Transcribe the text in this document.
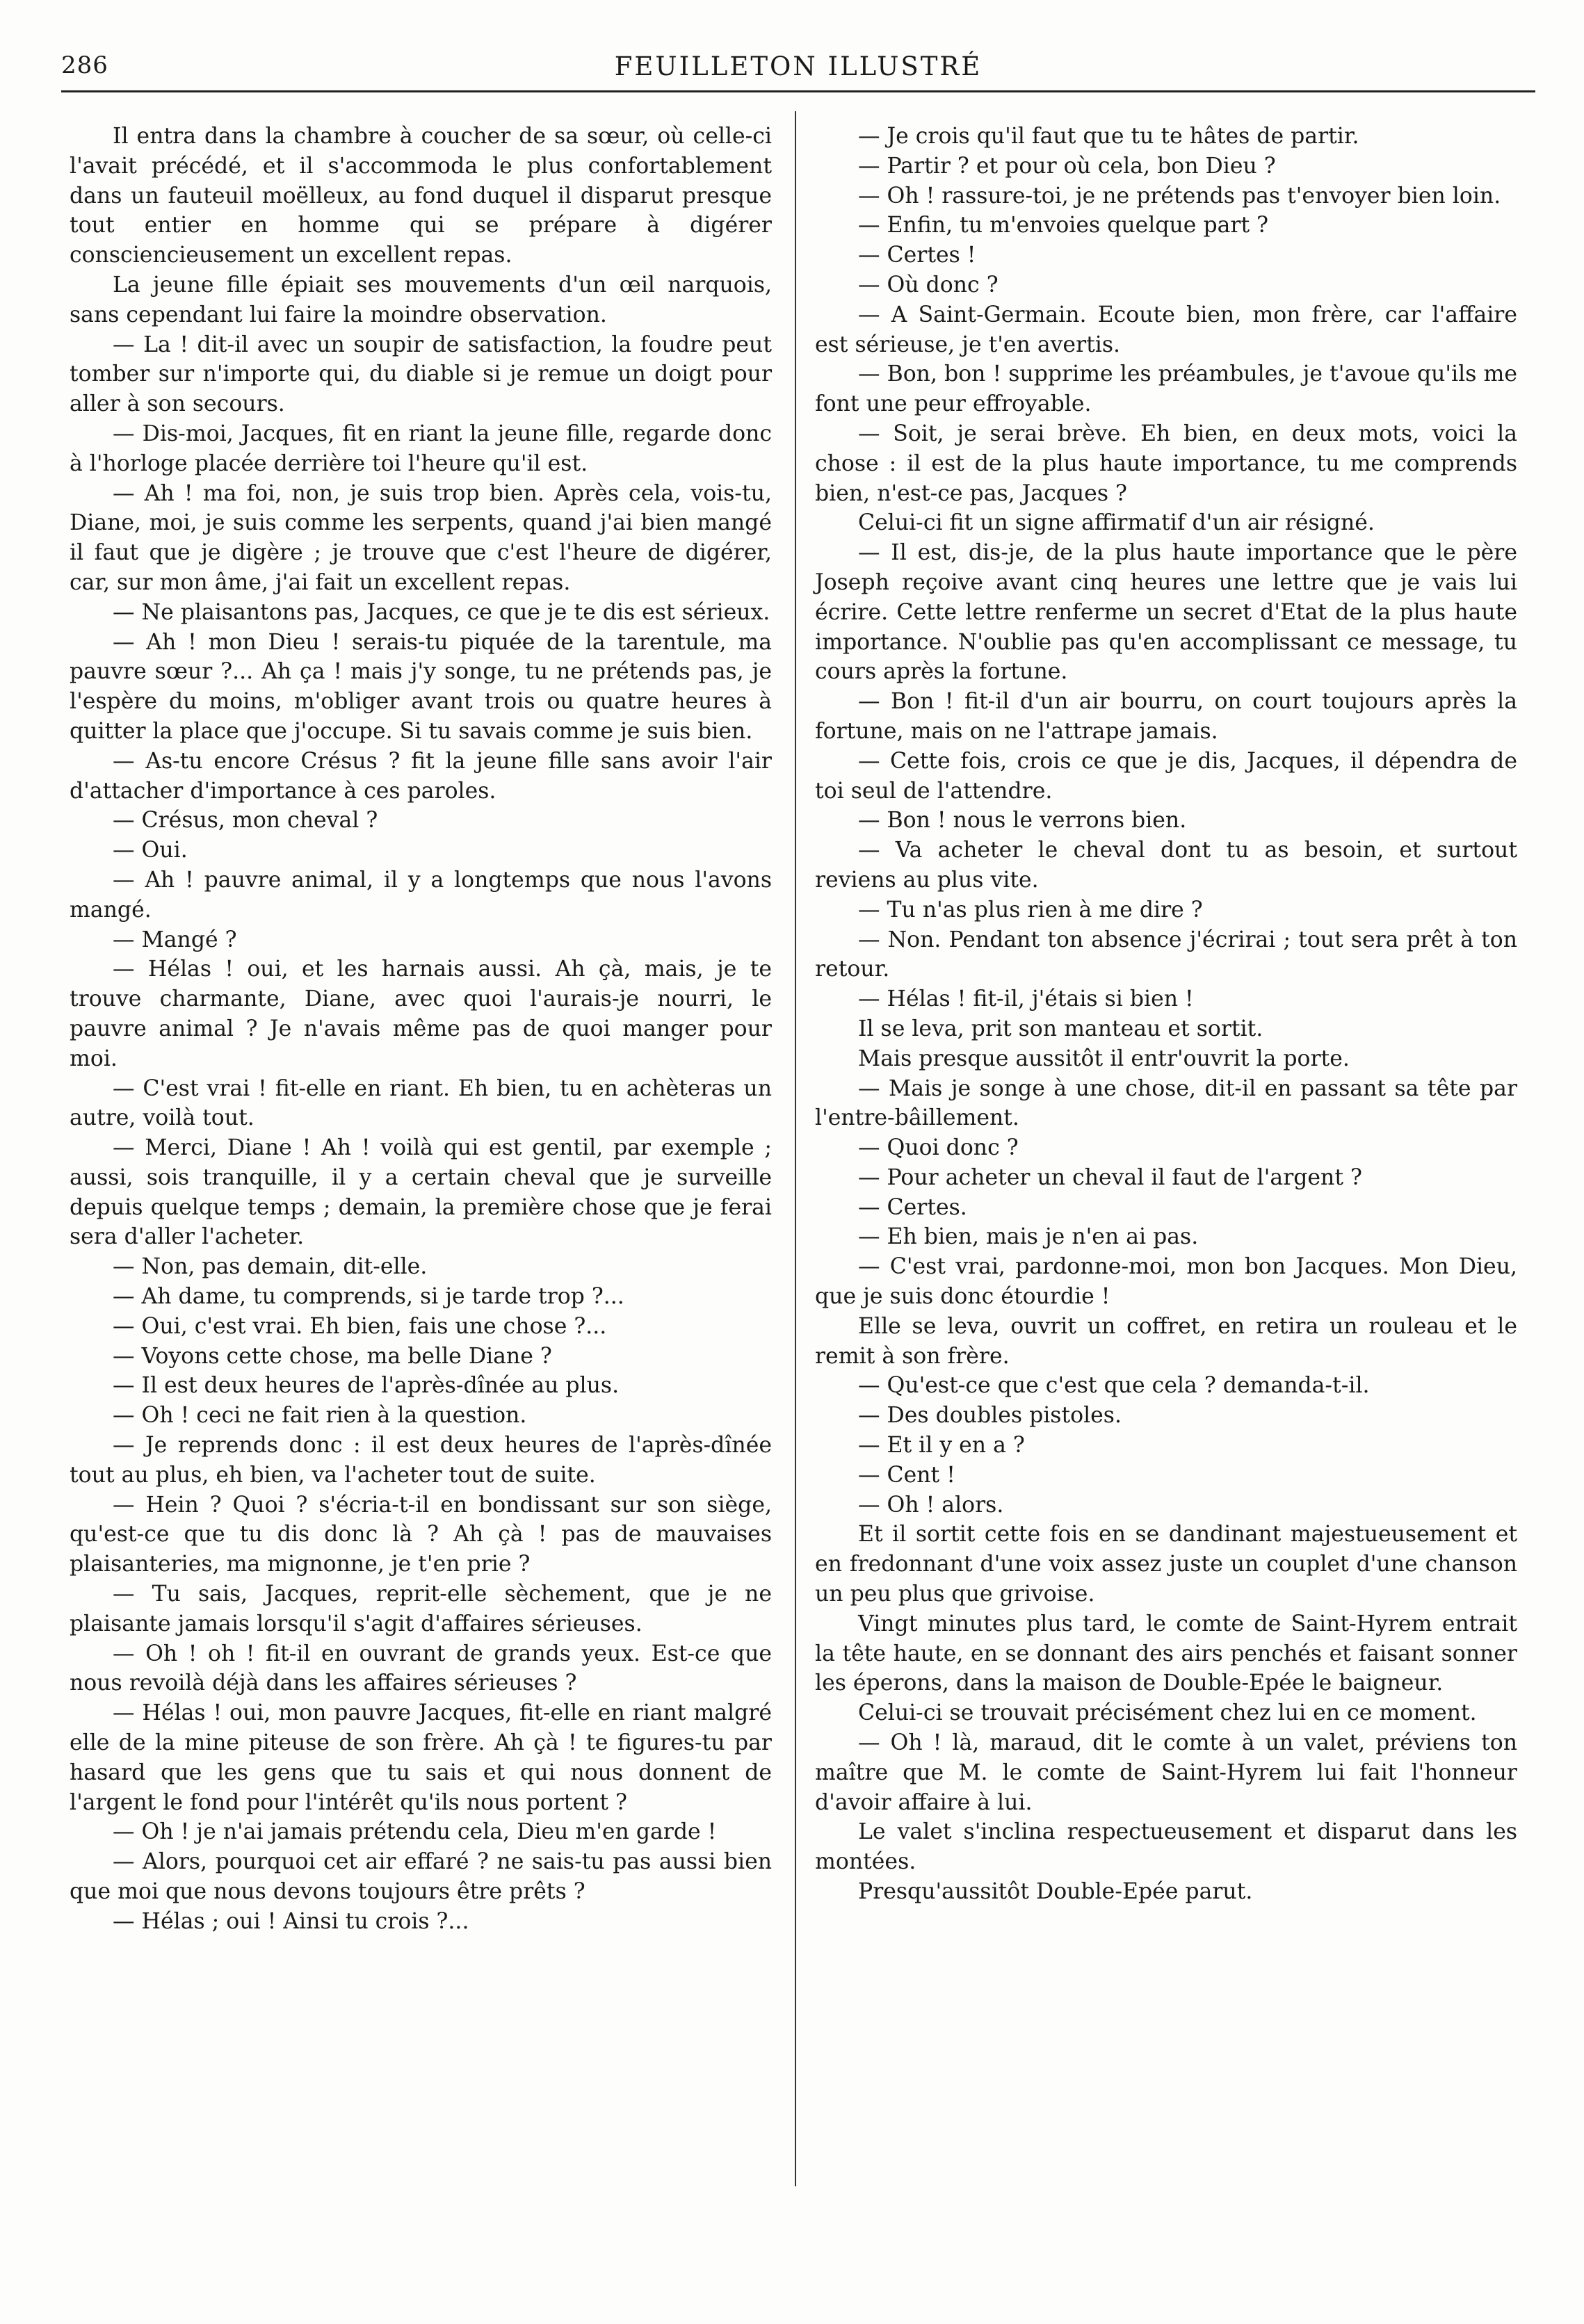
286	FEUILLETON ILLUSTRÉ

Il entra dans la chambre à coucher de sa sœur, où celle-ci l'avait précédé, et il s'accommoda le plus confortablement dans un fauteuil moëlleux, au fond duquel il disparut presque tout entier en homme qui se prépare à digérer consciencieusement un excellent repas.

La jeune fille épiait ses mouvements d'un œil narquois, sans cependant lui faire la moindre observation.

— La ! dit-il avec un soupir de satisfaction, la foudre peut tomber sur n'importe qui, du diable si je remue un doigt pour aller à son secours.

— Dis-moi, Jacques, fit en riant la jeune fille, regarde donc à l'horloge placée derrière toi l'heure qu'il est.

— Ah ! ma foi, non, je suis trop bien. Après cela, vois-tu, Diane, moi, je suis comme les serpents, quand j'ai bien mangé il faut que je digère ; je trouve que c'est l'heure de digérer, car, sur mon âme, j'ai fait un excellent repas.

— Ne plaisantons pas, Jacques, ce que je te dis est sérieux.

— Ah ! mon Dieu ! serais-tu piquée de la tarentule, ma pauvre sœur ?... Ah ça ! mais j'y songe, tu ne prétends pas, je l'espère du moins, m'obliger avant trois ou quatre heures à quitter la place que j'occupe. Si tu savais comme je suis bien.

— As-tu encore Crésus ? fit la jeune fille sans avoir l'air d'attacher d'importance à ces paroles.

— Crésus, mon cheval ?

— Oui.

— Ah ! pauvre animal, il y a longtemps que nous l'avons mangé.

— Mangé ?

— Hélas ! oui, et les harnais aussi. Ah çà, mais, je te trouve charmante, Diane, avec quoi l'aurais-je nourri, le pauvre animal ? Je n'avais même pas de quoi manger pour moi.

— C'est vrai ! fit-elle en riant. Eh bien, tu en achèteras un autre, voilà tout.

— Merci, Diane ! Ah ! voilà qui est gentil, par exemple ; aussi, sois tranquille, il y a certain cheval que je surveille depuis quelque temps ; demain, la première chose que je ferai sera d'aller l'acheter.

— Non, pas demain, dit-elle.

— Ah dame, tu comprends, si je tarde trop ?...

— Oui, c'est vrai. Eh bien, fais une chose ?...

— Voyons cette chose, ma belle Diane ?

— Il est deux heures de l'après-dînée au plus.

— Oh ! ceci ne fait rien à la question.

— Je reprends donc : il est deux heures de l'après-dînée tout au plus, eh bien, va l'acheter tout de suite.

— Hein ? Quoi ? s'écria-t-il en bondissant sur son siège, qu'est-ce que tu dis donc là ? Ah çà ! pas de mauvaises plaisanteries, ma mignonne, je t'en prie ?

— Tu sais, Jacques, reprit-elle sèchement, que je ne plaisante jamais lorsqu'il s'agit d'affaires sérieuses.

— Oh ! oh ! fit-il en ouvrant de grands yeux. Est-ce que nous revoilà déjà dans les affaires sérieuses ?

— Hélas ! oui, mon pauvre Jacques, fit-elle en riant malgré elle de la mine piteuse de son frère. Ah çà ! te figures-tu par hasard que les gens que tu sais et qui nous donnent de l'argent le fond pour l'intérêt qu'ils nous portent ?

— Oh ! je n'ai jamais prétendu cela, Dieu m'en garde !

— Alors, pourquoi cet air effaré ? ne sais-tu pas aussi bien que moi que nous devons toujours être prêts ?

— Hélas ; oui ! Ainsi tu crois ?...

— Je crois qu'il faut que tu te hâtes de partir.

— Partir ? et pour où cela, bon Dieu ?

— Oh ! rassure-toi, je ne prétends pas t'envoyer bien loin.

— Enfin, tu m'envoies quelque part ?

— Certes !

— Où donc ?

— A Saint-Germain. Ecoute bien, mon frère, car l'affaire est sérieuse, je t'en avertis.

— Bon, bon ! supprime les préambules, je t'avoue qu'ils me font une peur effroyable.

— Soit, je serai brève. Eh bien, en deux mots, voici la chose : il est de la plus haute importance, tu me comprends bien, n'est-ce pas, Jacques ?

Celui-ci fit un signe affirmatif d'un air résigné.

— Il est, dis-je, de la plus haute importance que le père Joseph reçoive avant cinq heures une lettre que je vais lui écrire. Cette lettre renferme un secret d'Etat de la plus haute importance. N'oublie pas qu'en accomplissant ce message, tu cours après la fortune.

— Bon ! fit-il d'un air bourru, on court toujours après la fortune, mais on ne l'attrape jamais.

— Cette fois, crois ce que je dis, Jacques, il dépendra de toi seul de l'attendre.

— Bon ! nous le verrons bien.

— Va acheter le cheval dont tu as besoin, et surtout reviens au plus vite.

— Tu n'as plus rien à me dire ?

— Non. Pendant ton absence j'écrirai ; tout sera prêt à ton retour.

— Hélas ! fit-il, j'étais si bien !

Il se leva, prit son manteau et sortit.

Mais presque aussitôt il entr'ouvrit la porte.

— Mais je songe à une chose, dit-il en passant sa tête par l'entre-bâillement.

— Quoi donc ?

— Pour acheter un cheval il faut de l'argent ?

— Certes.

— Eh bien, mais je n'en ai pas.

— C'est vrai, pardonne-moi, mon bon Jacques. Mon Dieu, que je suis donc étourdie !

Elle se leva, ouvrit un coffret, en retira un rouleau et le remit à son frère.

— Qu'est-ce que c'est que cela ? demanda-t-il.

— Des doubles pistoles.

— Et il y en a ?

— Cent !

— Oh ! alors.

Et il sortit cette fois en se dandinant majestueusement et en fredonnant d'une voix assez juste un couplet d'une chanson un peu plus que grivoise.

Vingt minutes plus tard, le comte de Saint-Hyrem entrait la tête haute, en se donnant des airs penchés et faisant sonner les éperons, dans la maison de Double-Epée le baigneur.

Celui-ci se trouvait précisément chez lui en ce moment.

— Oh ! là, maraud, dit le comte à un valet, préviens ton maître que M. le comte de Saint-Hyrem lui fait l'honneur d'avoir affaire à lui.

Le valet s'inclina respectueusement et disparut dans les montées.

Presqu'aussitôt Double-Epée parut.
